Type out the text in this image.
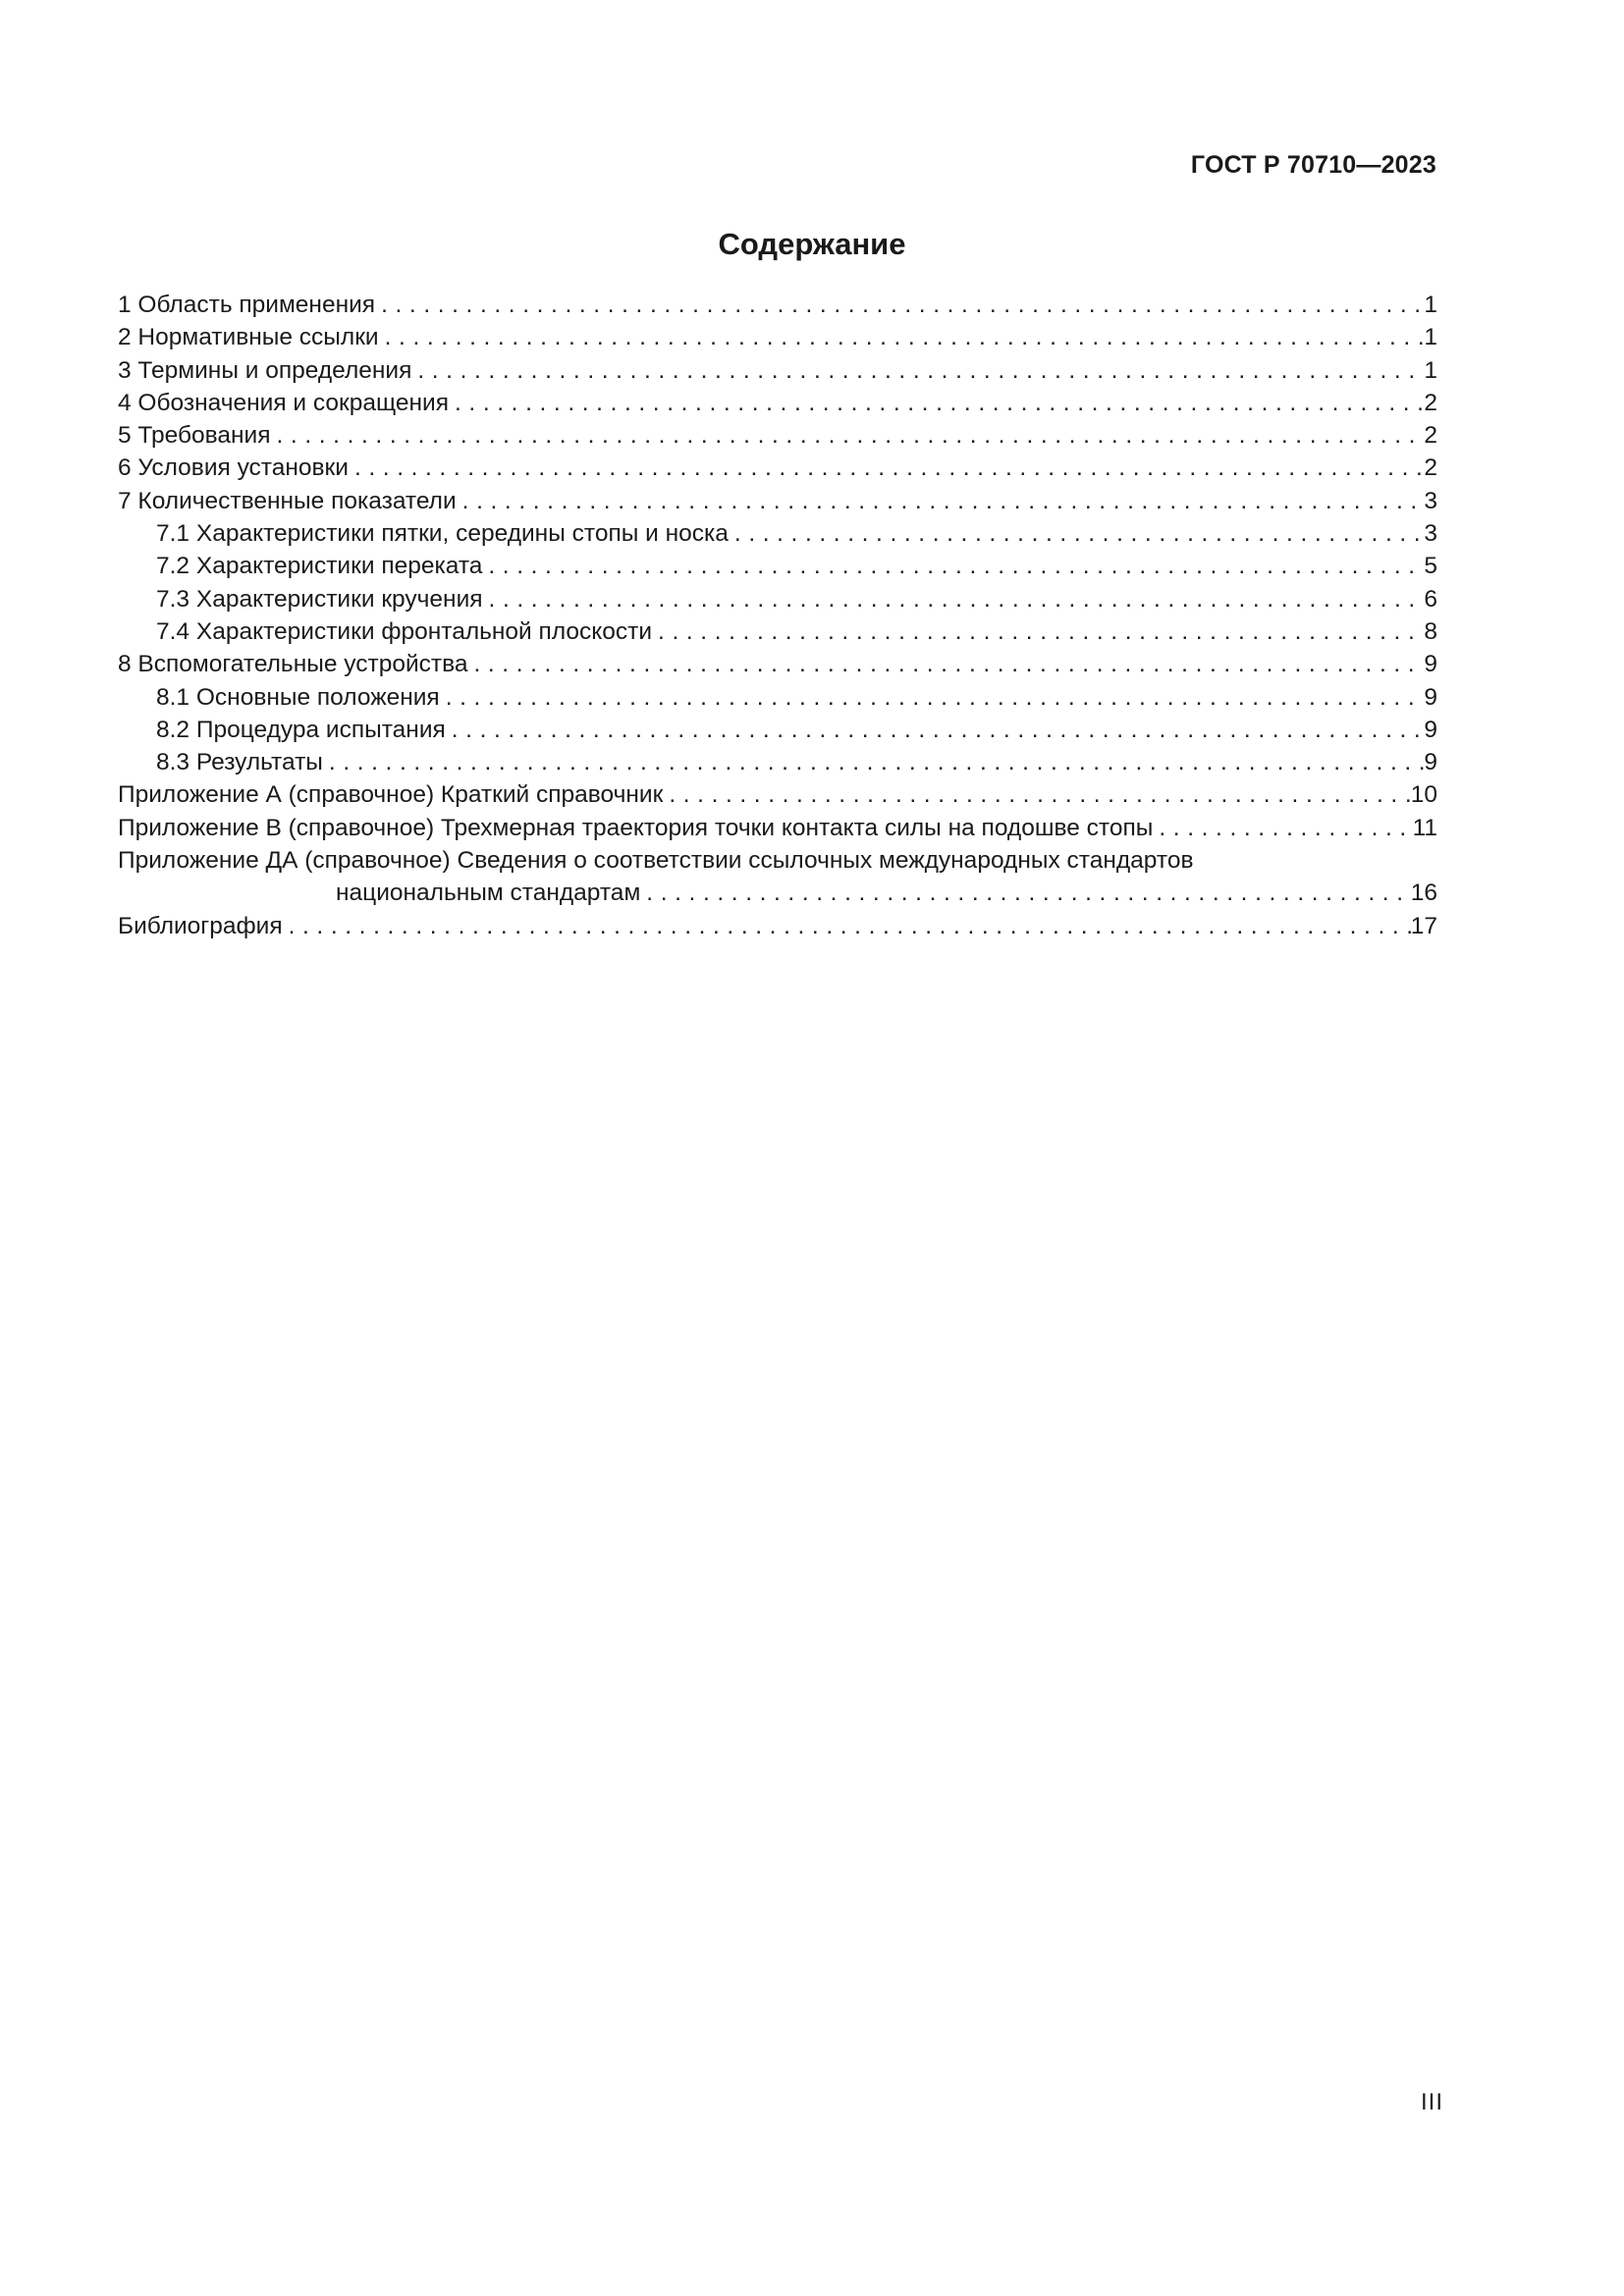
ГОСТ Р 70710—2023
Содержание
1 Область применения . . .	1
2 Нормативные ссылки . . .	1
3 Термины и определения . . .	1
4 Обозначения и сокращения . . .	2
5 Требования . . .	2
6 Условия установки . . .	2
7 Количественные показатели . . .	3
7.1 Характеристики пятки, середины стопы и носка . . .	3
7.2 Характеристики переката . . .	5
7.3 Характеристики кручения . . .	6
7.4 Характеристики фронтальной плоскости . . .	8
8 Вспомогательные устройства . . .	9
8.1 Основные положения . . .	9
8.2 Процедура испытания . . .	9
8.3 Результаты . . .	9
Приложение А (справочное) Краткий справочник . . .	10
Приложение В (справочное) Трехмерная траектория точки контакта силы на подошве стопы . . .	11
Приложение ДА (справочное) Сведения о соответствии ссылочных международных стандартов
национальным стандартам . . .	16
Библиография . . .	17
III
